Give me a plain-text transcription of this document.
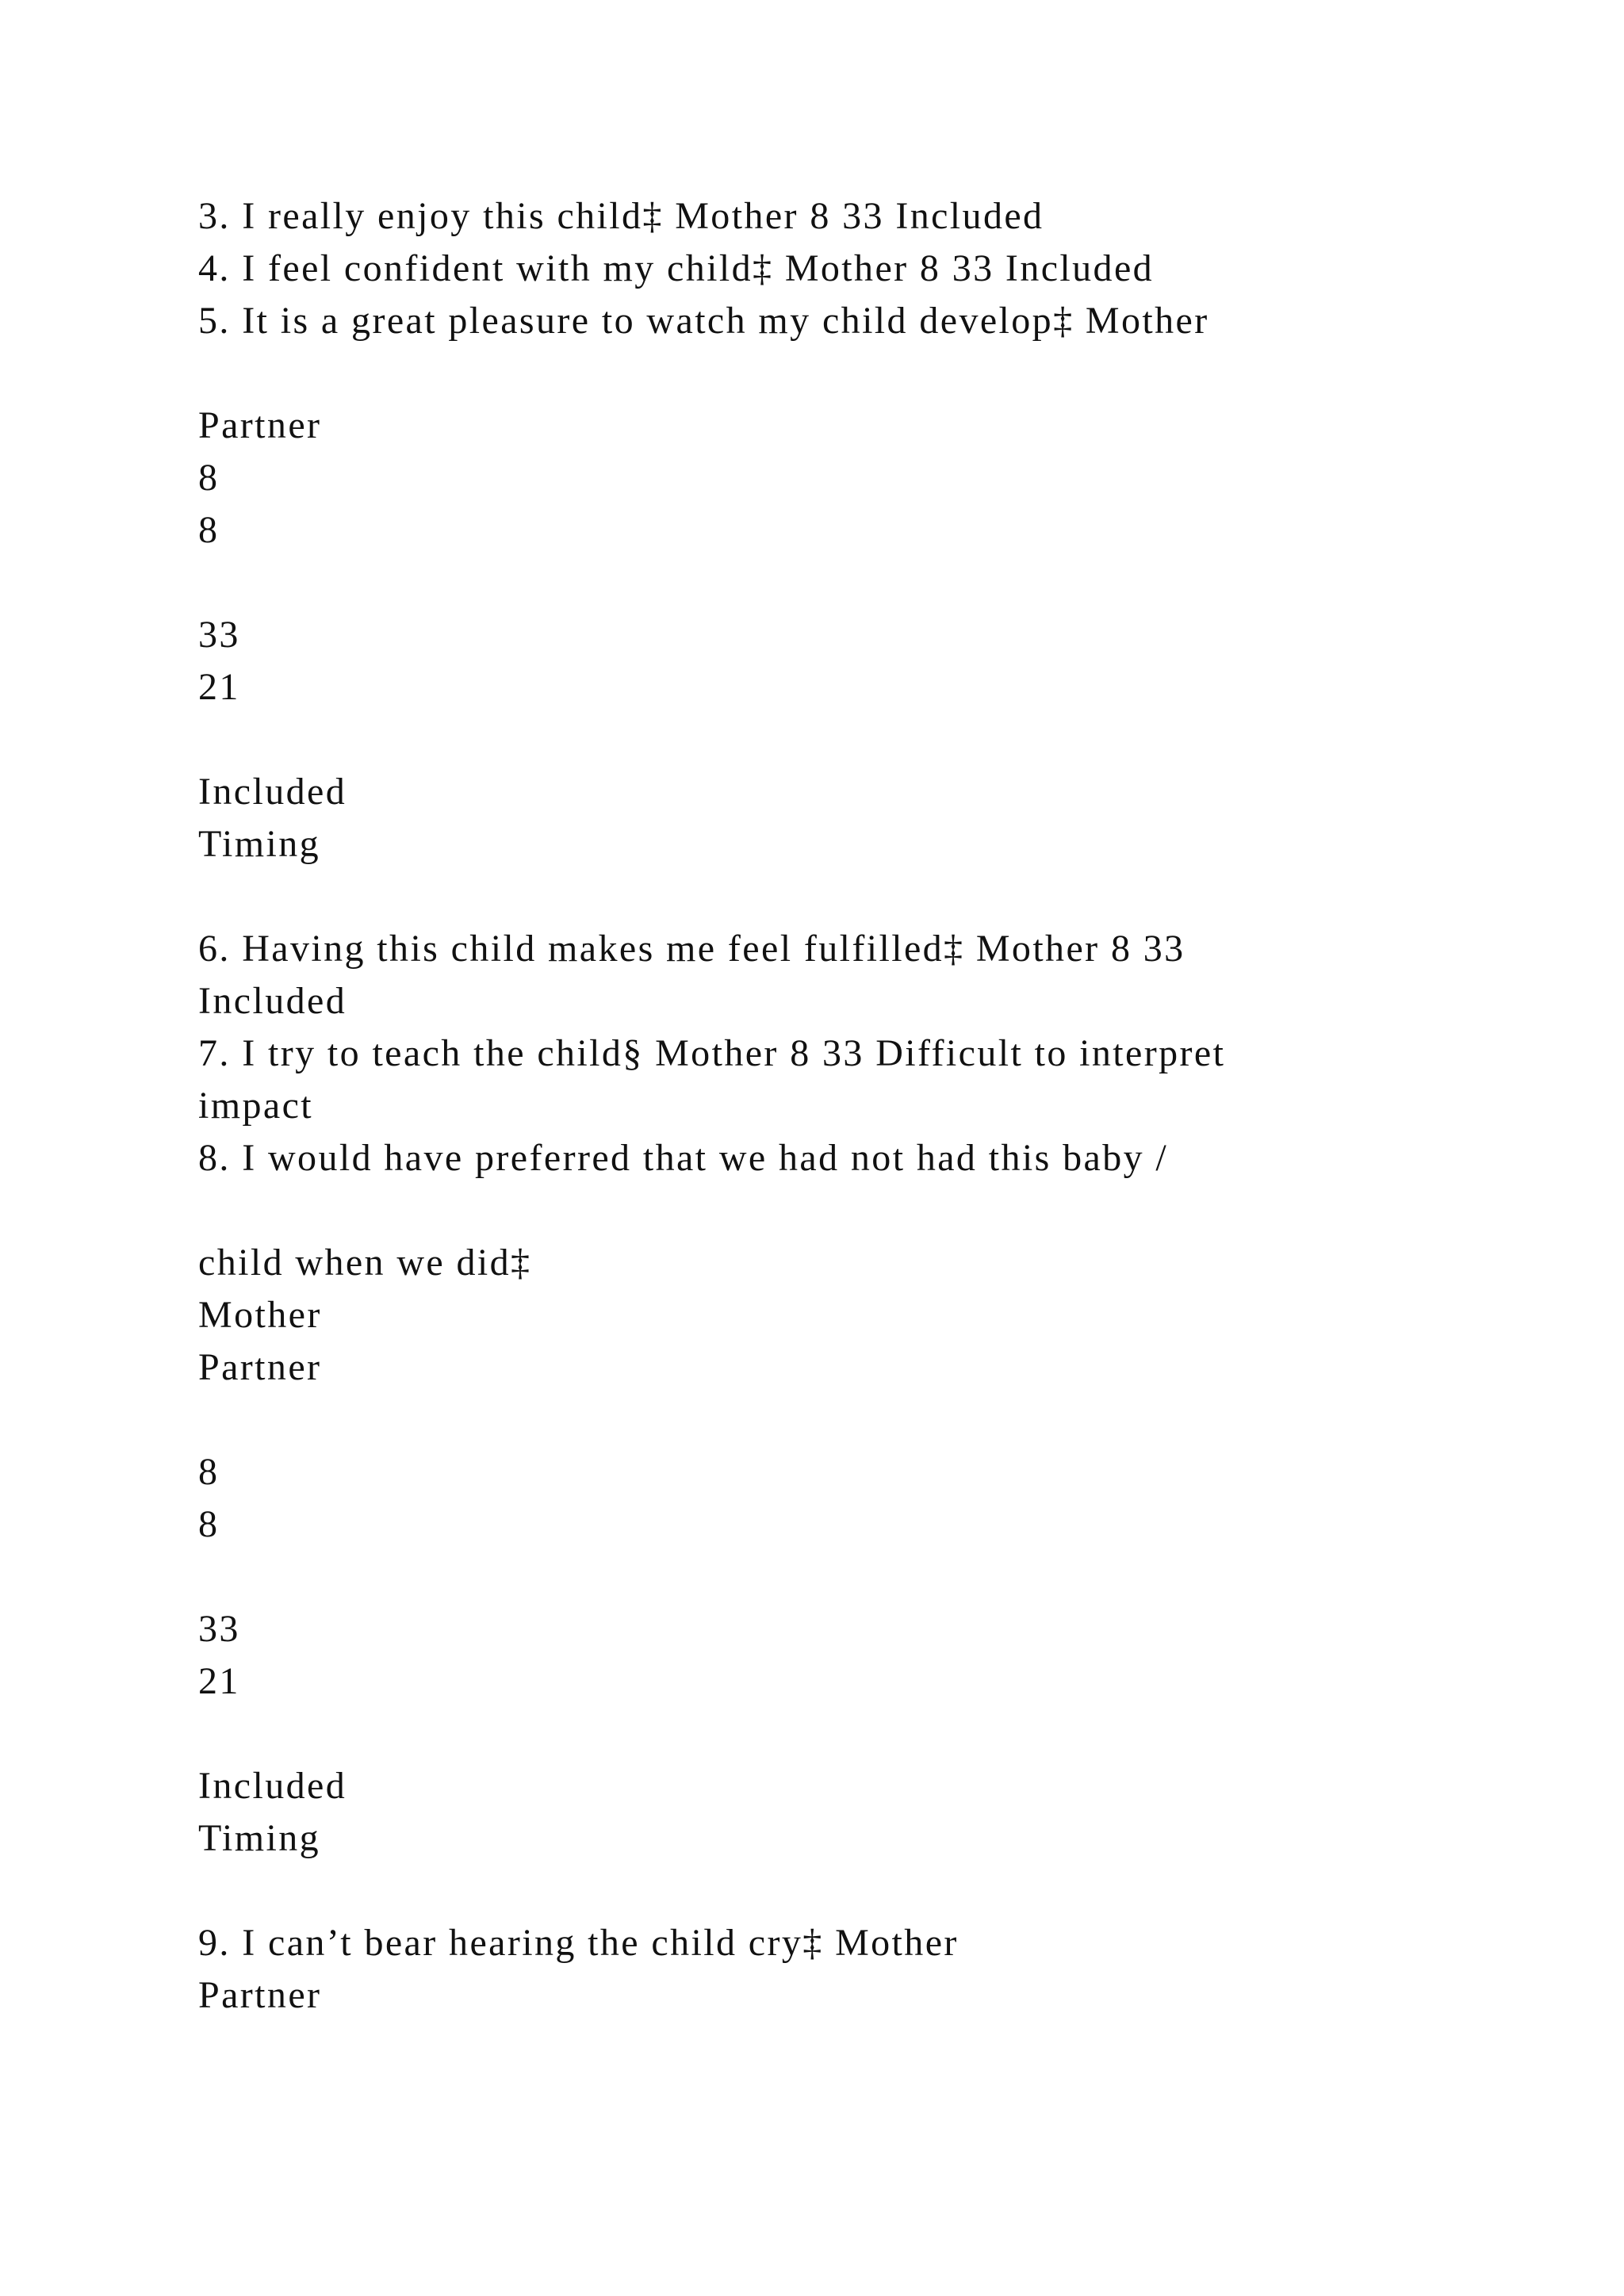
3. I really enjoy this child‡ Mother 8 33 Included
4. I feel confident with my child‡ Mother 8 33 Included
5. It is a great pleasure to watch my child develop‡ Mother
Partner
8
8
33
21
Included
Timing
6. Having this child makes me feel fulfilled‡ Mother 8 33
Included
7. I try to teach the child§ Mother 8 33 Difficult to interpret
impact
8. I would have preferred that we had not had this baby /
child when we did‡
Mother
Partner
8
8
33
21
Included
Timing
9. I can’t bear hearing the child cry‡ Mother
Partner
